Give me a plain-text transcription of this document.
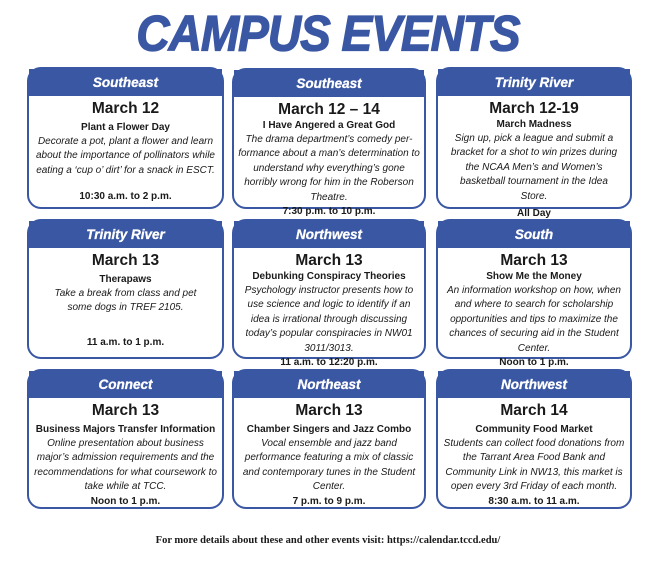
CAMPUS EVENTS
Southeast
March 12
Plant a Flower Day
Decorate a pot, plant a flower and learn about the importance of pollinators while eating a ‘cup o’ dirt’ for a snack in ESCT.
10:30 a.m. to 2 p.m.
Southeast
March 12 – 14
I Have Angered a Great God
The drama department’s comedy per-formance about a man’s determination to understand why everything’s gone horribly wrong for him in the Roberson Theatre.
7:30 p.m. to 10 p.m.
Trinity River
March 12-19
March Madness
Sign up, pick a league and submit a bracket for a shot to win prizes during the NCAA Men’s and Women’s basketball tournament in the Idea Store.
All Day
Trinity River
March 13
Therapaws
Take a break from class and pet some dogs in TREF 2105.
11 a.m. to 1 p.m.
Northwest
March 13
Debunking Conspiracy Theories
Psychology instructor presents how to use science and logic to identify if an idea is irrational through discussing today’s popular conspiracies in NW01 3011/3013.
11 a.m. to 12:20 p.m.
South
March 13
Show Me the Money
An information workshop on how, when and where to search for scholarship opportunities and tips to maximize the chances of securing aid in the Student Center.
Noon to 1 p.m.
Connect
March 13
Business Majors Transfer Information
Online presentation about business major’s admission requirements and the recommendations for what coursework to take while at TCC.
Noon to 1 p.m.
Northeast
March 13
Chamber Singers and Jazz Combo
Vocal ensemble and jazz band performance featuring a mix of classic and contemporary tunes in the Student Center.
7 p.m. to 9 p.m.
Northwest
March 14
Community Food Market
Students can collect food donations from the Tarrant Area Food Bank and Community Link in NW13, this market is open every 3rd Friday of each month.
8:30 a.m. to 11 a.m.
For more details about these and other events visit: https://calendar.tccd.edu/
